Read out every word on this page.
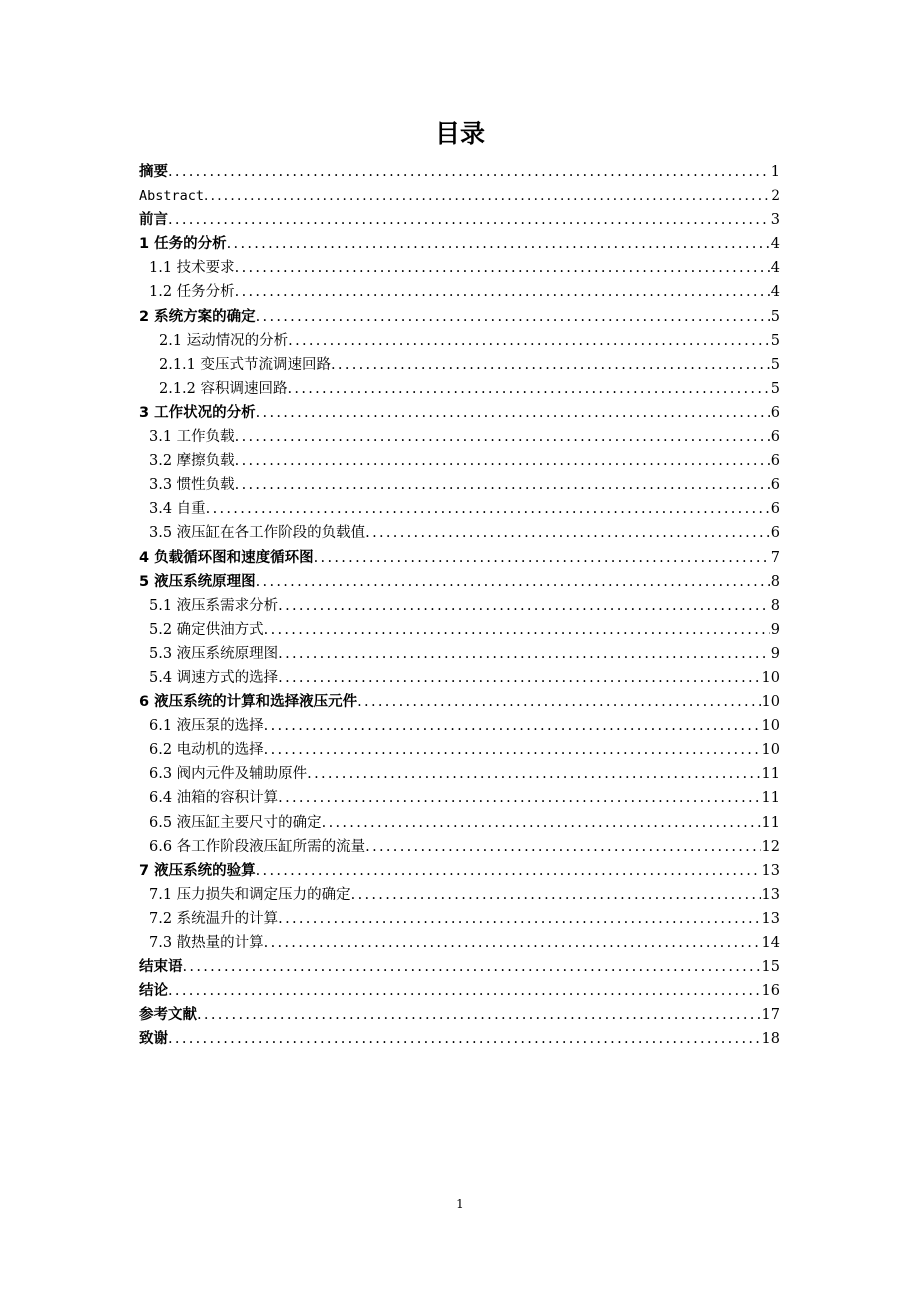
目录
摘要 .....	1
Abstract .....	2
前言 .....	3
1 任务的分析 .....	4
1.1 技术要求 .....	4
1.2 任务分析 .....	4
2 系统方案的确定 .....	5
2.1 运动情况的分析 .....	5
2.1.1 变压式节流调速回路 .....	5
2.1.2 容积调速回路 .....	5
3 工作状况的分析 .....	6
3.1 工作负载 .....	6
3.2 摩擦负载 .....	6
3.3 惯性负载 .....	6
3.4 自重 .....	6
3.5 液压缸在各工作阶段的负载值 .....	6
4 负载循环图和速度循环图 .....	7
5 液压系统原理图 .....	8
5.1 液压系需求分析 .....	8
5.2 确定供油方式 .....	9
5.3 液压系统原理图 .....	9
5.4 调速方式的选择 .....	10
6 液压系统的计算和选择液压元件 .....	10
6.1 液压泵的选择 .....	10
6.2 电动机的选择 .....	10
6.3 阀内元件及辅助原件 .....	11
6.4 油箱的容积计算 .....	11
6.5 液压缸主要尺寸的确定 .....	11
6.6 各工作阶段液压缸所需的流量 .....	12
7 液压系统的验算 .....	13
7.1 压力损失和调定压力的确定 .....	13
7.2 系统温升的计算 .....	13
7.3 散热量的计算 .....	14
结束语 .....	15
结论 .....	16
参考文献 .....	17
致谢 .....	18
1
